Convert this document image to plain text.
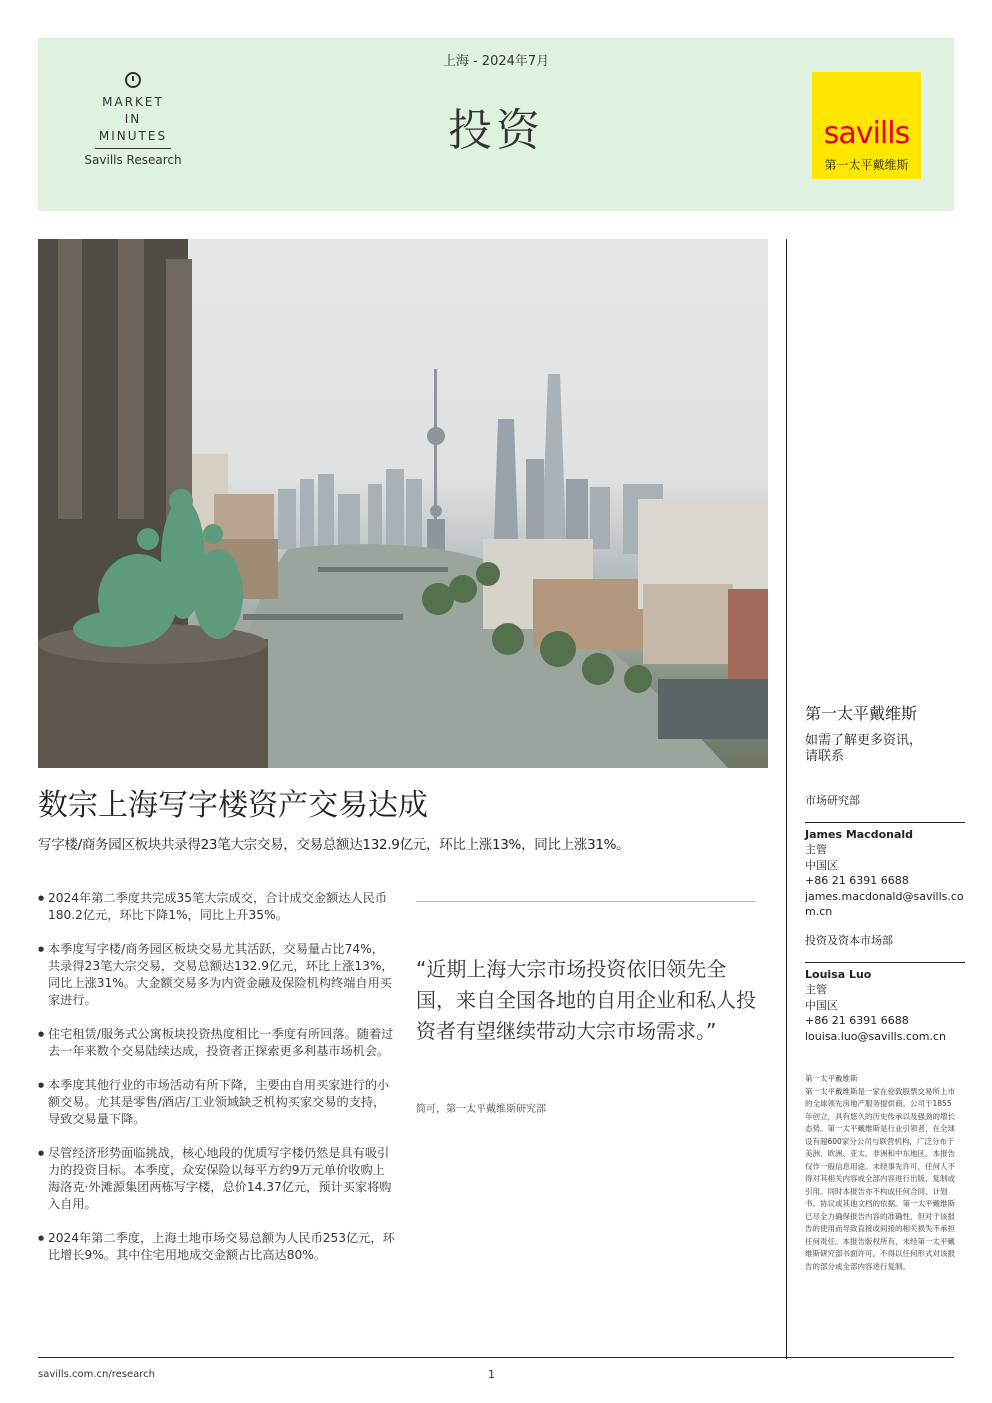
MARKET
IN
MINUTES
Savills Research
上海 - 2024年7月
投资	savills
第一太平戴维斯
第一太平戴维斯
如需了解更多资讯，
请联系
市场研究部
James Macdonald
主管
中国区
+86 21 6391 6688
james.macdonald@savills.com.cn
投资及资本市场部
Louisa Luo
主管
中国区
+86 21 6391 6688
louisa.luo@savills.com.cn
第一太平戴维斯
第一太平戴维斯是一家在伦敦股票交易所上市的全球领先房地产服务提供商。公司于1855年创立，具有悠久的历史传承以及强劲的增长态势。第一太平戴维斯是行业引领者，在全球设有超600家分公司与联营机构，广泛分布于美洲、欧洲、亚太、非洲和中东地区。本报告仅作一般信息用途。未经事先许可，任何人不得对其相关内容或全部内容进行出版、复制或引用。同时本报告亦不构成任何合同、计划书、协议或其他文档的依据。第一太平戴维斯已尽全力确保报告内容的准确性，但对于该报告的使用而导致直接或间接的相关损失不承担任何责任。本报告版权所有，未经第一太平戴维斯研究部书面许可，不得以任何形式对该报告的部分或全部内容进行复制。
数宗上海写字楼资产交易达成
写字楼/商务园区板块共录得23笔大宗交易，交易总额达132.9亿元，环比上涨13%，同比上涨31%。
● 2024年第二季度共完成35笔大宗成交，合计成交金额达人民币180.2亿元，环比下降1%，同比上升35%。
● 本季度写字楼/商务园区板块交易尤其活跃，交易量占比74%，共录得23笔大宗交易，交易总额达132.9亿元，环比上涨13%，同比上涨31%。大金额交易多为内资金融及保险机构终端自用买家进行。
● 住宅租赁/服务式公寓板块投资热度相比一季度有所回落。随着过去一年来数个交易陆续达成，投资者正探索更多利基市场机会。
● 本季度其他行业的市场活动有所下降，主要由自用买家进行的小额交易。尤其是零售/酒店/工业领域缺乏机构买家交易的支持，导致交易量下降。
● 尽管经济形势面临挑战，核心地段的优质写字楼仍然是具有吸引力的投资目标。本季度，众安保险以每平方约9万元单价收购上海洛克·外滩源集团两栋写字楼，总价14.37亿元，预计买家将购入自用。
● 2024年第二季度，上海土地市场交易总额为人民币253亿元，环比增长9%。其中住宅用地成交金额占比高达80%。
“近期上海大宗市场投资依旧领先全国，来自全国各地的自用企业和私人投资者有望继续带动大宗市场需求。”
简可，第一太平戴维斯研究部
savills.com.cn/research	1
